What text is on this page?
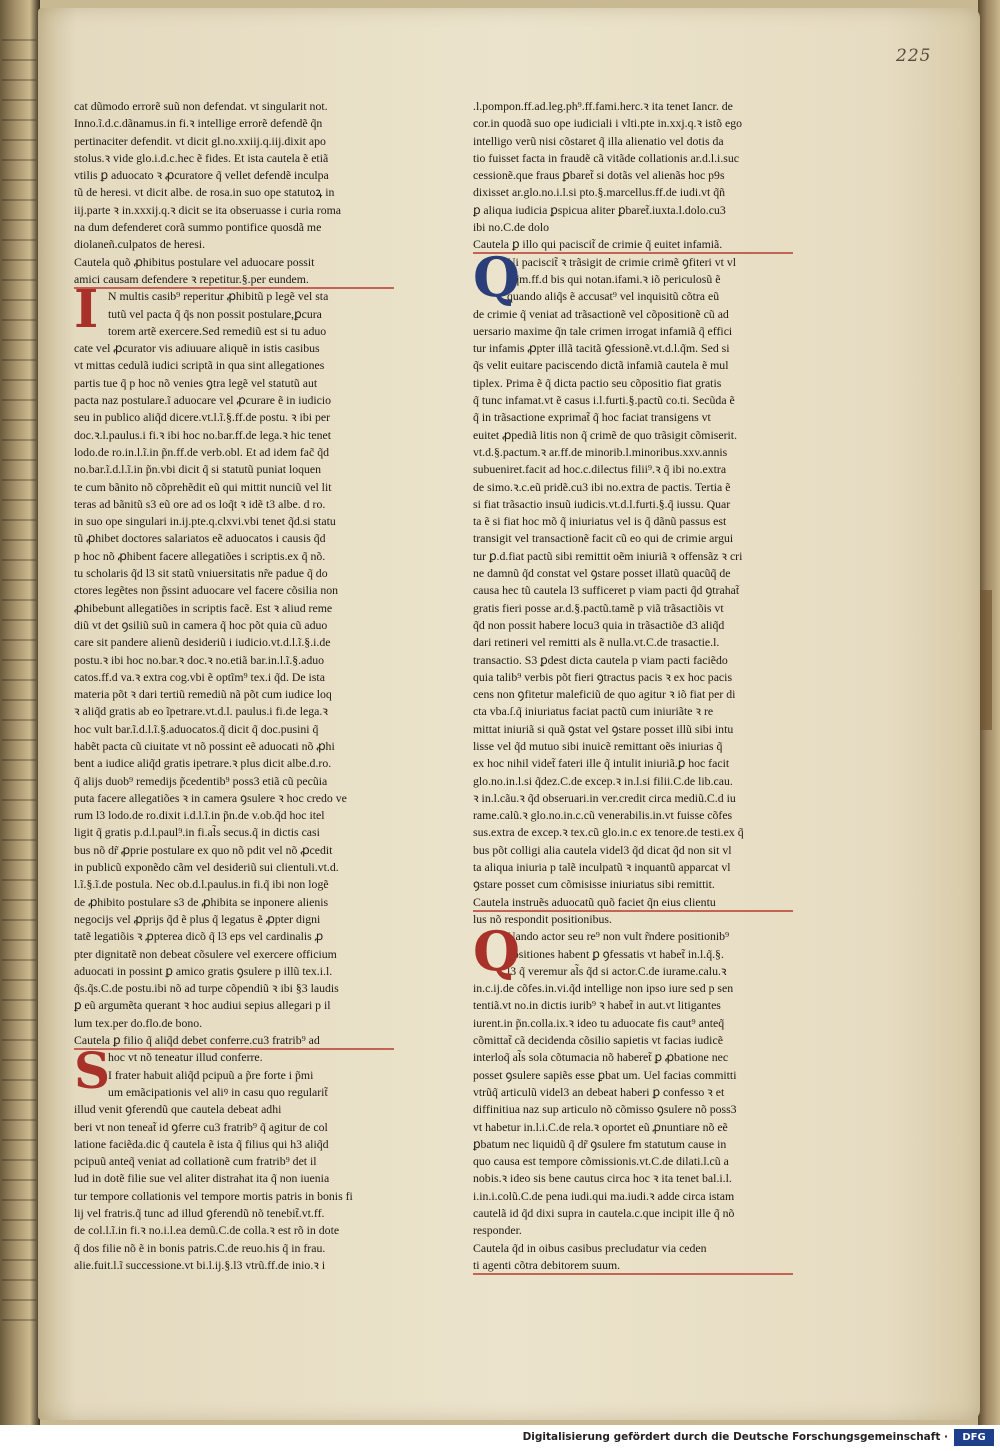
225
cat dũmodo errorẽ suũ non defendat. vt singularit not.
Inno.ĩ.d.c.dãnamus.in fi.ꝛ intellige errorẽ defendẽ q̃n
pertinaciter defendit. vt dicit gl.no.xxiij.q.iij.dixit apo
stolus.ꝛ vide glo.i.d.c.hec ẽ fides. Et ista cautela ẽ etiã
vtilis ꝑ aduocato ꝛ ꝓcuratore q̃ vellet defendẽ inculpa
tũ de heresi. vt dicit albe. de rosa.in suo ope statutoꝝ in
iij.parte ꝛ in.xxxij.q.ꝛ dicit se ita obseruasse i curia roma
na dum defenderet corã summo pontifice quosdã me
diolaneñ.culpatos de heresi.
Cautela quõ ꝓhibitus postulare vel aduocare possit
amici causam defendere ꝛ repetitur.§.per eundem.
N multis casib⁹ reperitur ꝓhibitũ p legẽ vel sta
tutũ vel pacta q̃ q̃s non possit postulare,ꝑcura
torem artẽ exercere.Sed remediũ est si tu aduo
cate vel ꝓcurator vis adiuuare aliquẽ in istis casibus
vt mittas cedulã iudici scriptã in qua sint allegationes
partis tue q̃ p hoc nõ venies ꝯtra legẽ vel statutũ aut
pacta naz postulare.ĩ aduocare vel ꝓcurare ẽ in iudicio
seu in publico aliq̃d dicere.vt.l.ĩ.§.ff.de postu. ꝛ ibi per
doc.ꝛ.l.paulus.i fi.ꝛ ibi hoc no.bar.ff.de lega.ꝛ hic tenet
lodo.de ro.in.l.ĩ.in p̃n.ff.de verb.obl. Et ad idem fac̃ q̃d
no.bar.ĩ.d.l.ĩ.in p̃n.vbi dicit q̃ si statutũ puniat loquen
te cum bãnito nõ cõprehẽdit eũ qui mittit nunciũ vel lit
teras ad bãnitũ s3 eũ ore ad os loq̃t ꝛ idẽ t3 albe. d ro.
in suo ope singulari in.ij.pte.q.clxvi.vbi tenet q̃d.si statu
tũ ꝓhibet doctores salariatos eẽ aduocatos i causis q̃d
p hoc nõ ꝓhibent facere allegatiões i scriptis.ex q̃ nõ.
tu scholaris q̃d l3 sit statũ vniuersitatis nr̃e padue q̃ do
ctores legẽtes non p̃ssint aduocare vel facere cõsilia non
ꝓhibebunt allegatiões in scriptis facẽ. Est ꝛ aliud reme
diũ vt det ꝯsiliũ suũ in camera q̃ hoc põt quia cũ aduo
care sit pandere alienũ desideriũ i iudicio.vt.d.l.ĩ.§.i.de
postu.ꝛ ibi hoc no.bar.ꝛ doc.ꝛ no.etiã bar.in.l.ĩ.§.aduo
catos.ff.d va.ꝛ extra cog.vbi ẽ optĩm⁹ tex.i q̃d. De ista
materia põt ꝛ dari tertiũ remediũ nã põt cum iudice loq
ꝛ aliq̃d gratis ab eo ĩpetrare.vt.d.l. paulus.i fi.de lega.ꝛ
hoc vult bar.ĩ.d.l.ĩ.§.aduocatos.q̃ dicit q̃ doc.pusini q̃
habẽt pacta cũ ciuitate vt nõ possint eẽ aduocati nõ ꝓhi
bent a iudice aliq̃d gratis ipetrare.ꝛ plus dicit albe.d.ro.
q̃ alijs duob⁹ remedijs p̃cedentib⁹ poss3 etiã cũ pecũia
puta facere allegatiões ꝛ in camera ꝯsulere ꝛ hoc credo ve
rum l3 lodo.de ro.dixit i.d.l.ĩ.in p̃n.de v.ob.q̃d hoc itel
ligit q̃ gratis p.d.l.paul⁹.in fi.al̃s secus.q̃ in dictis casi
bus nõ dr̃ ꝓprie postulare ex quo nõ pdit vel nõ ꝓcedit
in publicũ exponẽdo cãm vel desideriũ sui clientuli.vt.d.
l.ĩ.§.ĩ.de postula. Nec ob.d.l.paulus.in fi.q̃ ibi non logẽ
de ꝓhibito postulare s3 de ꝓhibita se inponere alienis
negocijs vel ꝓprijs q̃d ẽ plus q̃ legatus ẽ ꝓpter digni
tatẽ legatiõis ꝛ ꝓpterea dicõ q̃ l3 eps vel cardinalis ꝓ
pter dignitatẽ non debeat cõsulere vel exercere officium
aduocati in possint ꝑ amico gratis ꝯsulere p illũ tex.i.l.
q̃s.q̃s.C.de postu.ibi nõ ad turpe cõpendiũ ꝛ ibi §3 laudis
ꝑ eũ argumẽta querant ꝛ hoc audiui sepius allegari p il
lum tex.per do.flo.de bono.
Cautela ꝑ filio q̃ aliq̃d debet conferre.cu3 fratrib⁹ ad
hoc vt nõ teneatur illud conferre.
I frater habuit aliq̃d pcipuũ a p̃re forte i p̃mi
um emãcipationis vel aliꝰ in casu quo regularit̃
illud venit ꝯferendũ que cautela debeat adhi
beri vt non teneat̃ id ꝯferre cu3 fratrib⁹ q̃ agitur de col
latione faciẽda.dic q̃ cautela ẽ ista q̃ filius qui h3 aliq̃d
pcipuũ anteq̃ veniat ad collationẽ cum fratrib⁹ det il
lud in dotẽ filie sue vel aliter distrahat ita q̃ non iuenia
tur tempore collationis vel tempore mortis patris in bonis fi
lij vel fratris.q̃ tunc ad illud ꝯferendũ nõ tenebit̃.vt.ff.
de col.l.ĩ.in fi.ꝛ no.i.l.ea demũ.C.de colla.ꝛ est rõ in dote
q̃ dos filie nõ ẽ in bonis patris.C.de reuo.his q̃ in frau.
alie.fuit.l.ĩ successione.vt bi.l.ij.§.l3 vtrũ.ff.de inio.ꝛ i
I
S
.l.pompon.ff.ad.leg.ph⁹.ff.fami.herc.ꝛ ita tenet Iancr. de
cor.in quodã suo ope iudiciali i vlti.pte in.xxj.q.ꝛ istõ ego
intelligo verũ nisi cõstaret q̃ illa alienatio vel dotis da
tio fuisset facta in fraudẽ cã vitãde collationis ar.d.l.i.suc
cessionẽ.que fraus ꝑbaret̃ si dotãs vel alienãs hoc p9s
dixisset ar.glo.no.i.l.si pto.§.marcellus.ff.de iudi.vt q̃ñ
ꝑ aliqua iudicia ꝑspicua aliter ꝑbaret̃.iuxta.l.dolo.cu3
ibi no.C.de dolo
Cautela ꝑ illo qui paciscit̃ de crimie q̃ euitet infamiã.
Ui paciscit̃ ꝛ trãsigit de crimie crimẽ ꝯfiteri vt vl
l.q̃m.ff.d bis qui notan.ifami.ꝛ iõ periculosũ ẽ
quando aliq̃s ẽ accusat⁹ vel inquisitũ cõtra eũ
de crimie q̃ veniat ad trãsactionẽ vel cõpositionẽ cũ ad
uersario maxime q̃n tale crimen irrogat infamiã q̃ effici
tur infamis ꝓpter illã tacitã ꝯfessionẽ.vt.d.l.q̃m. Sed si
q̃s velit euitare paciscendo dictã infamiã cautela ẽ mul
tiplex. Prima ẽ q̃ dicta pactio seu cõpositio fiat gratis
q̃ tunc infamat.vt ẽ casus i.l.furti.§.pactũ co.ti. Secũda ẽ
q̃ in trãsactione exprimat̃ q̃ hoc faciat transigens vt
euitet ꝓpediã litis non q̃ crimẽ de quo trãsigit cõmiserit.
vt.d.§.pactum.ꝛ ar.ff.de minorib.l.minoribus.xxv.annis
subueniret.facit ad hoc.c.dilectus filii⁹.ꝛ q̃ ibi no.extra
de simo.ꝛ.c.eũ pridẽ.cu3 ibi no.extra de pactis. Tertia ẽ
si fiat trãsactio insuũ iudicis.vt.d.l.furti.§.q̃ iussu. Quar
ta ẽ si fiat hoc mõ q̃ iniuriatus vel is q̃ dãnũ passus est
transigit vel transactionẽ facit cũ eo qui de crimie argui
tur ꝑ.d.fiat pactũ sibi remittit oẽm iniuriã ꝛ offensãz ꝛ cri
ne damnũ q̃d constat vel ꝯstare posset illatũ quacũq̃ de
causa hec tũ cautela l3 sufficeret p viam pacti q̃d ꝯtrahat̃
gratis fieri posse ar.d.§.pactũ.tamẽ p viã trãsactiõis vt
q̃d non possit habere locu3 quia in trãsactiõe d3 aliq̃d
dari retineri vel remitti als ẽ nulla.vt.C.de trasactie.l.
transactio. S3 ꝑdest dicta cautela p viam pacti faciẽdo
quia talib⁹ verbis põt fieri ꝯtractus pacis ꝛ ex hoc pacis
cens non ꝯfitetur maleficiũ de quo agitur ꝛ iõ fiat per di
cta vba.ſ.q̃ iniuriatus faciat pactũ cum iniuriãte ꝛ re
mittat iniuriã si quã ꝯstat vel ꝯstare posset illũ sibi intu
lisse vel q̃d mutuo sibi inuicẽ remittant oẽs iniurias q̃
ex hoc nihil videt̃ fateri ille q̃ intulit iniuriã.ꝑ hoc facit
glo.no.in.l.si q̃dez.C.de excep.ꝛ in.l.si filii.C.de lib.cau.
ꝛ in.l.cãu.ꝛ q̃d obseruari.in ver.credit circa mediũ.C.d iu
rame.calũ.ꝛ glo.no.in.c.cũ venerabilis.in.vt fuisse cõfes
sus.extra de excep.ꝛ tex.cũ glo.in.c ex tenore.de testi.ex q̃
bus põt colligi alia cautela videl3 q̃d dicat q̃d non sit vl
ta aliqua iniuria p talẽ inculpatũ ꝛ inquantũ apparcat vl
ꝯstare posset cum cõmisisse iniuriatus sibi remittit.
Cautela instruẽs aduocatũ quõ faciet q̃n eius clientu
lus nõ respondit positionibus.
Uando actor seu re⁹ non vult r̃ndere positionib⁹
positiones habent ꝑ ꝯfessatis vt habet̃ in.l.q̃.§.
l3 q̃ veremur al̃s q̃d si actor.C.de iurame.calu.ꝛ
in.c.ij.de cõfes.in.vi.q̃d intellige non ipso iure sed p sen
tentiã.vt no.in dictis iurib⁹ ꝛ habet̃ in aut.vt litigantes
iurent.in p̃n.colla.ix.ꝛ ideo tu aduocate fis caut⁹ anteq̃
cõmittat̃ cã decidenda cõsilio sapietis vt facias iudicẽ
interloq̃ al̃s sola cõtumacia nõ haberet̃ ꝑ ꝓbatione nec
posset ꝯsulere sapiẽs esse ꝑbat um. Uel facias committi
vtrũq̃ articulũ videl3 an debeat haberi ꝑ confesso ꝛ et
diffinitiua naz sup articulo nõ cõmisso ꝯsulere nõ poss3
vt habetur in.l.i.C.de rela.ꝛ oportet eũ ꝓnuntiare nõ eẽ
ꝑbatum nec liquidũ q̃ dr̃ ꝯsulere fm statutum cause in
quo causa est tempore cõmissionis.vt.C.de dilati.l.cũ a
nobis.ꝛ ideo sis bene cautus circa hoc ꝛ ita tenet bal.i.l.
i.in.i.colũ.C.de pena iudi.qui ma.iudi.ꝛ adde circa istam
cautelã id q̃d dixi supra in cautela.c.que incipit ille q̃ nõ
responder.
Cautela q̃d in oibus casibus precludatur via ceden
ti agenti cõtra debitorem suum.
Q
Q
Digitalisierung gefördert durch die Deutsche Forschungsgemeinschaft ·	DFG
